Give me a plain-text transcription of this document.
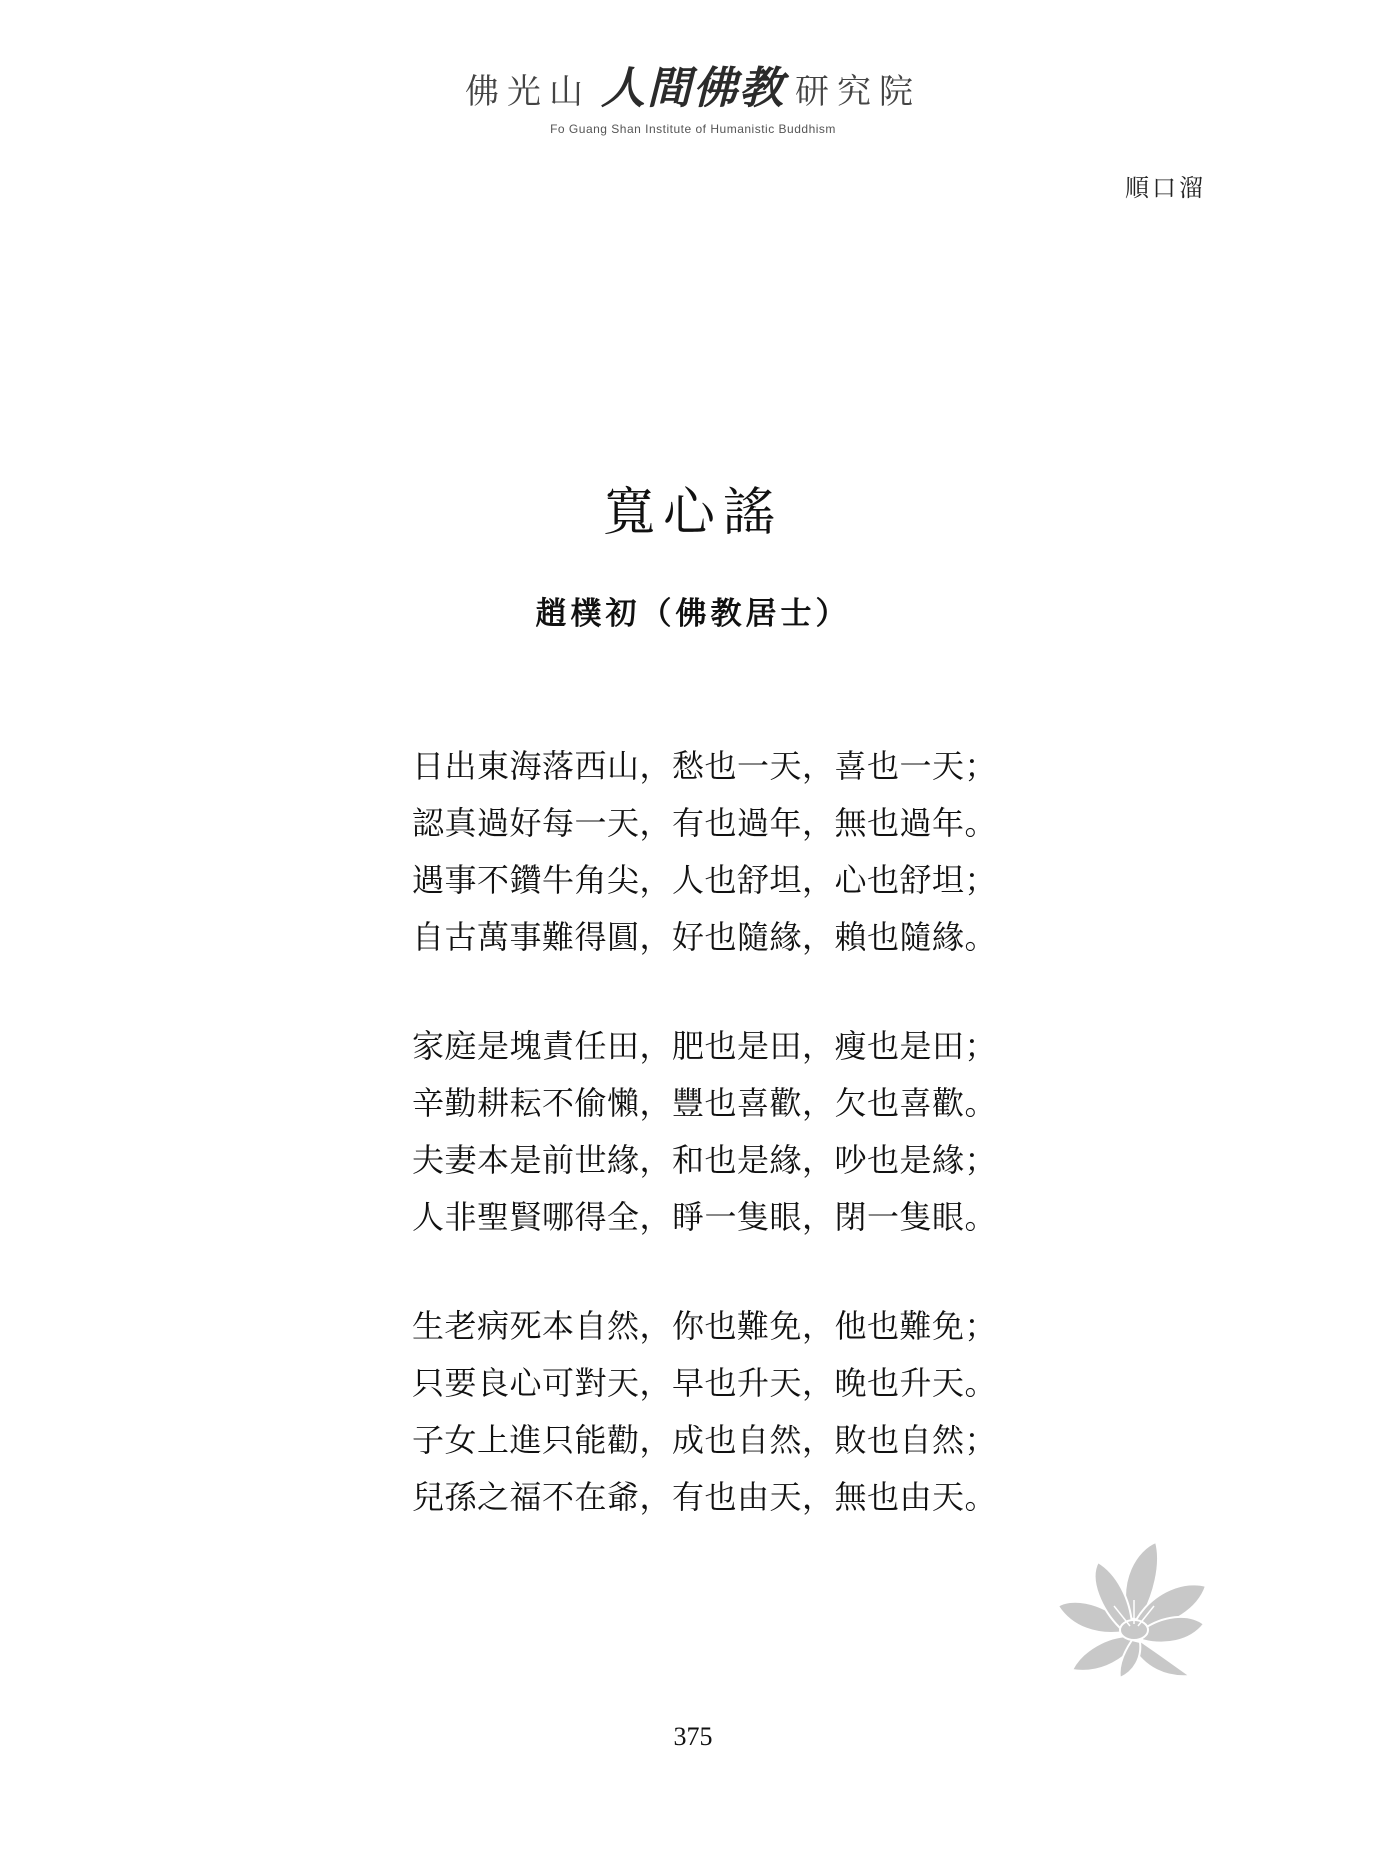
佛光山 人間佛教 研究院
Fo Guang Shan Institute of Humanistic Buddhism
順口溜
寬心謠
趙樸初（佛教居士）
日出東海落西山，愁也一天，喜也一天；
認真過好每一天，有也過年，無也過年。
遇事不鑽牛角尖，人也舒坦，心也舒坦；
自古萬事難得圓，好也隨緣，賴也隨緣。
家庭是塊責任田，肥也是田，瘦也是田；
辛勤耕耘不偷懶，豐也喜歡，欠也喜歡。
夫妻本是前世緣，和也是緣，吵也是緣；
人非聖賢哪得全，睜一隻眼，閉一隻眼。
生老病死本自然，你也難免，他也難免；
只要良心可對天，早也升天，晚也升天。
子女上進只能勸，成也自然，敗也自然；
兒孫之福不在爺，有也由天，無也由天。
375
